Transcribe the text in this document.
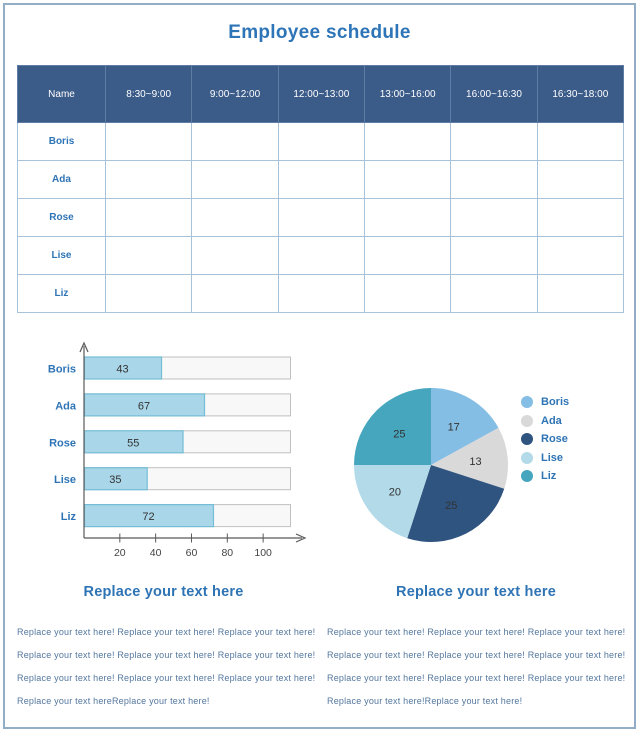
Employee schedule
Name	8:30~9:00	9:00~12:00	12:00~13:00	13:00~16:00	16:00~16:30	16:30~18:00
Boris						
Ada						
Rose						
Lise						
Liz						
43
Boris
67
Ada
55
Rose
35
Lise
72
Liz
20 40 60 80 100
17
13
25
20
25
Boris
Ada
Rose
Lise
Liz
Replace your text here

Replace your text here! Replace your text here! Replace your text here!

Replace your text here! Replace your text here! Replace your text here!

Replace your text here! Replace your text here! Replace your text here!

Replace your text hereReplace your text here!

Replace your text here

Replace your text here! Replace your text here! Replace your text here!

Replace your text here! Replace your text here! Replace your text here!

Replace your text here! Replace your text here! Replace your text here!

Replace your text here!Replace your text here!
